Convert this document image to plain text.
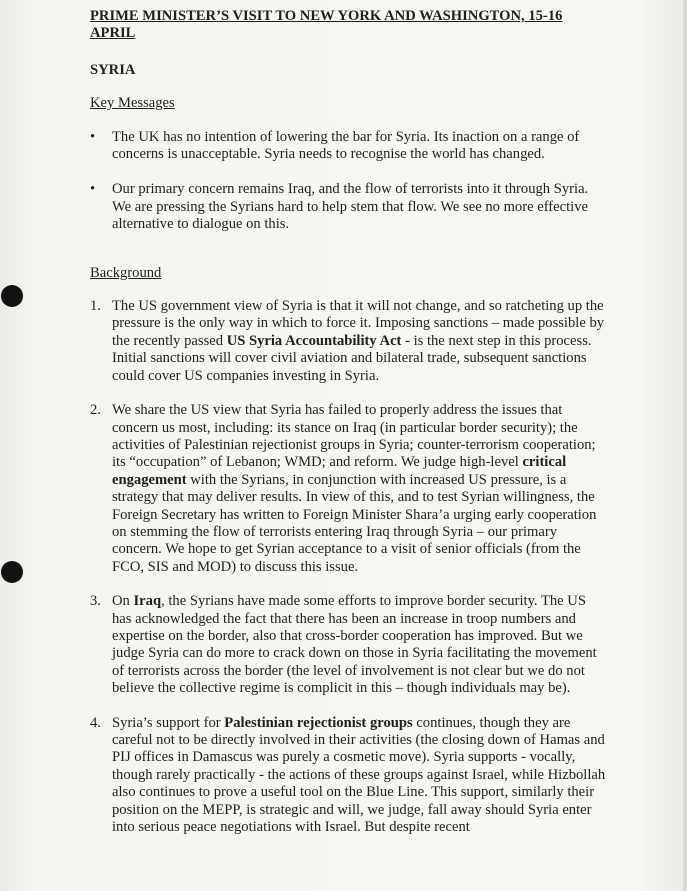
PRIME MINISTER’S VISIT TO NEW YORK AND WASHINGTON, 15-16 APRIL

SYRIA

Key Messages

• The UK has no intention of lowering the bar for Syria. Its inaction on a range of concerns is unacceptable. Syria needs to recognise the world has changed.
• Our primary concern remains Iraq, and the flow of terrorists into it through Syria. We are pressing the Syrians hard to help stem that flow. We see no more effective alternative to dialogue on this.

Background

1. The US government view of Syria is that it will not change, and so ratcheting up the pressure is the only way in which to force it. Imposing sanctions – made possible by the recently passed US Syria Accountability Act - is the next step in this process. Initial sanctions will cover civil aviation and bilateral trade, subsequent sanctions could cover US companies investing in Syria.
2. We share the US view that Syria has failed to properly address the issues that concern us most, including: its stance on Iraq (in particular border security); the activities of Palestinian rejectionist groups in Syria; counter-terrorism cooperation; its “occupation” of Lebanon; WMD; and reform. We judge high-level critical engagement with the Syrians, in conjunction with increased US pressure, is a strategy that may deliver results. In view of this, and to test Syrian willingness, the Foreign Secretary has written to Foreign Minister Shara’a urging early cooperation on stemming the flow of terrorists entering Iraq through Syria – our primary concern. We hope to get Syrian acceptance to a visit of senior officials (from the FCO, SIS and MOD) to discuss this issue.
3. On Iraq, the Syrians have made some efforts to improve border security. The US has acknowledged the fact that there has been an increase in troop numbers and expertise on the border, also that cross-border cooperation has improved. But we judge Syria can do more to crack down on those in Syria facilitating the movement of terrorists across the border (the level of involvement is not clear but we do not believe the collective regime is complicit in this – though individuals may be).
4. Syria’s support for Palestinian rejectionist groups continues, though they are careful not to be directly involved in their activities (the closing down of Hamas and PIJ offices in Damascus was purely a cosmetic move). Syria supports - vocally, though rarely practically - the actions of these groups against Israel, while Hizbollah also continues to prove a useful tool on the Blue Line. This support, similarly their position on the MEPP, is strategic and will, we judge, fall away should Syria enter into serious peace negotiations with Israel. But despite recent
